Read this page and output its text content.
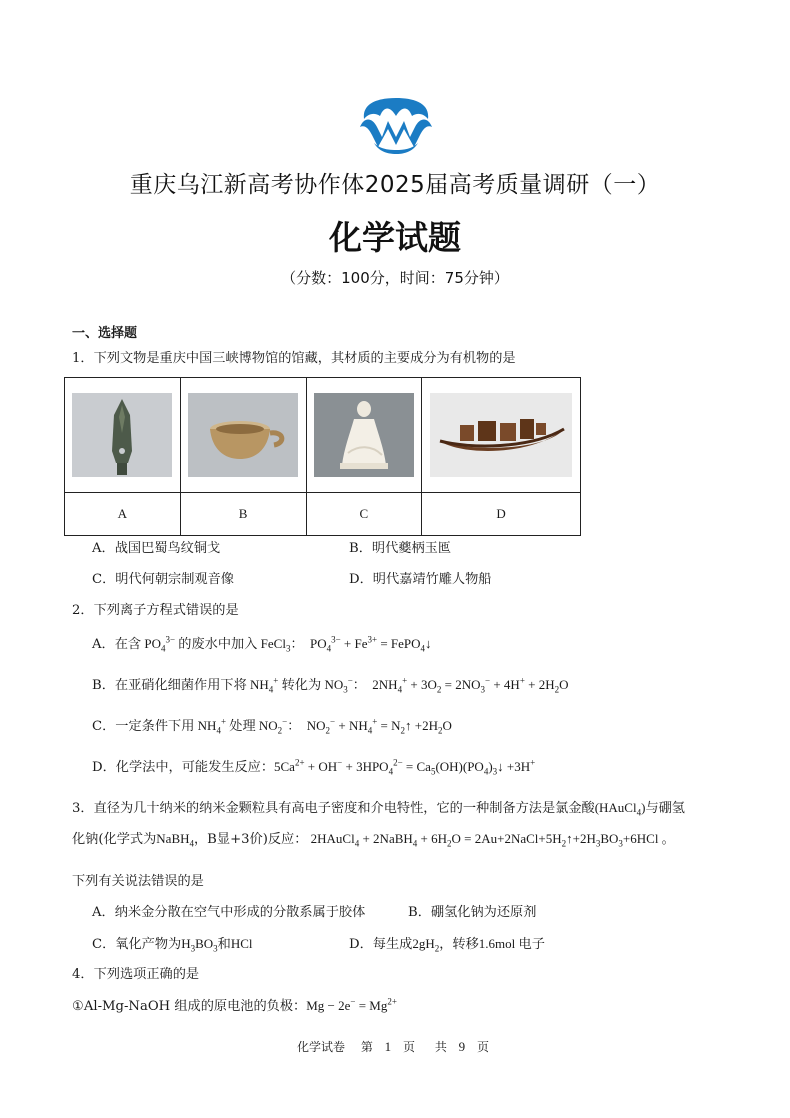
重庆乌江新高考协作体2025届高考质量调研（一）
化学试题
（分数：100分，时间：75分钟）
一、选择题
1．下列文物是重庆中国三峡博物馆的馆藏，其材质的主要成分为有机物的是

A	B	C	D
A．战国巴蜀鸟纹铜戈	B．明代夔柄玉匜
C．明代何朝宗制观音像	D．明代嘉靖竹雕人物船
2．下列离子方程式错误的是
A．在含 $PO_4^{3-}$ 的废水中加入 FeCl$_3$：  $PO_4^{3-} + Fe^{3+}$ = FePO$_4$↓
B．在亚硝化细菌作用下将 $NH_4^+$ 转化为 $NO_3^-$：  $2NH_4^+ + 3O_2 = 2NO_3^- + 4H^+ + 2H_2O$
C．一定条件下用 $NH_4^+$ 处理 $NO_2^-$：  $NO_2^- + NH_4^+$ = $N_2↑ +2H_2O$
D．化学法中，可能发生反应：$5Ca^{2+} + OH^- + 3HPO_4^{2-}$ = $Ca_5(OH)(PO_4)_3↓ +3H^+$
3．直径为几十纳米的纳米金颗粒具有高电子密度和介电特性，它的一种制备方法是氯金酸(HAuCl$_4$)与硼氢
化钠(化学式为NaBH$_4$，B显+3价)反应： 2HAuCl$_4$ + 2NaBH$_4$ + $6H_2O$ = $2Au+2NaCl+5H_2↑+2H_3BO_3+6HCl$ 。
下列有关说法错误的是
A．纳米金分散在空气中形成的分散系属于胶体	B．硼氢化钠为还原剂
C．氧化产物为$H_3BO_3$和HCl	D．每生成$2gH_2$，转移1.6mol 电子
4．下列选项正确的是
①Al-Mg-NaOH 组成的原电池的负极：$Mg - 2e^- = Mg^{2+}$
化学试卷 第 1 页 共 9 页
